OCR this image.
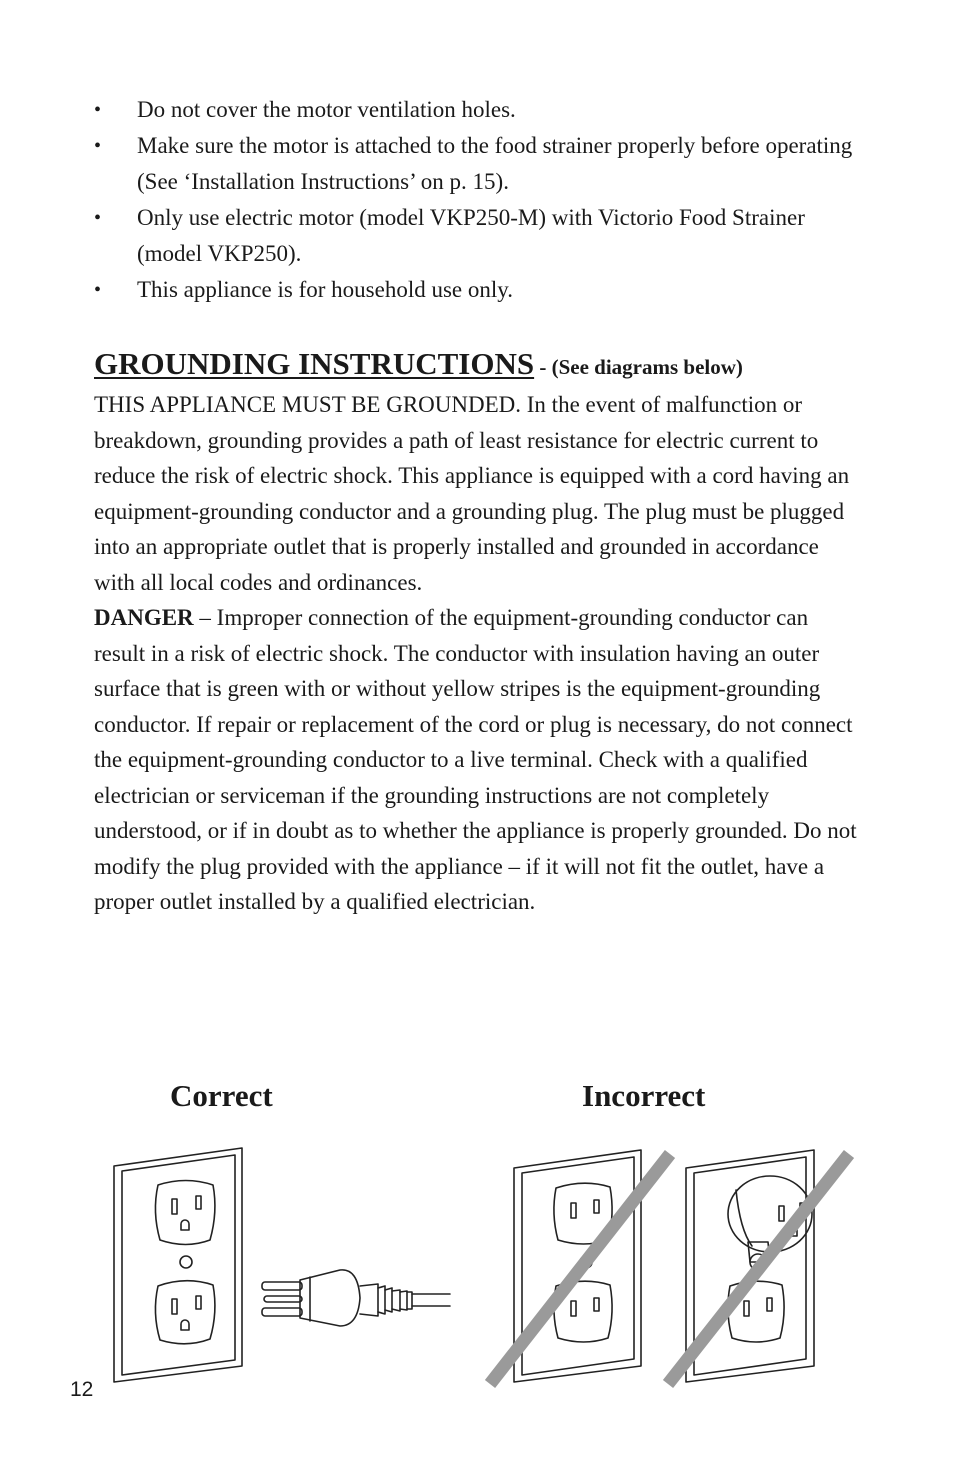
• Do not cover the motor ventilation holes.
• Make sure the motor is attached to the food strainer properly before operating (See ‘Installation Instructions’ on p. 15).
• Only use electric motor (model VKP250-M) with Victorio Food Strainer (model VKP250).
• This appliance is for household use only.
GROUNDING INSTRUCTIONS - (See diagrams below)

THIS APPLIANCE MUST BE GROUNDED. In the event of malfunction or breakdown, grounding provides a path of least resistance for electric current to reduce the risk of electric shock. This appliance is equipped with a cord having an equipment-grounding conductor and a grounding plug. The plug must be plugged into an appropriate outlet that is properly installed and grounded in accordance with all local codes and ordinances.

DANGER – Improper connection of the equipment-grounding conductor can result in a risk of electric shock. The conductor with insulation having an outer surface that is green with or without yellow stripes is the equipment-grounding conductor. If repair or replacement of the cord or plug is necessary, do not connect the equipment-grounding conductor to a live terminal. Check with a qualified electrician or serviceman if the grounding instructions are not completely understood, or if in doubt as to whether the appliance is properly grounded. Do not modify the plug provided with the appliance – if it will not fit the outlet, have a proper outlet installed by a qualified electrician.

Correct	Incorrect
12
